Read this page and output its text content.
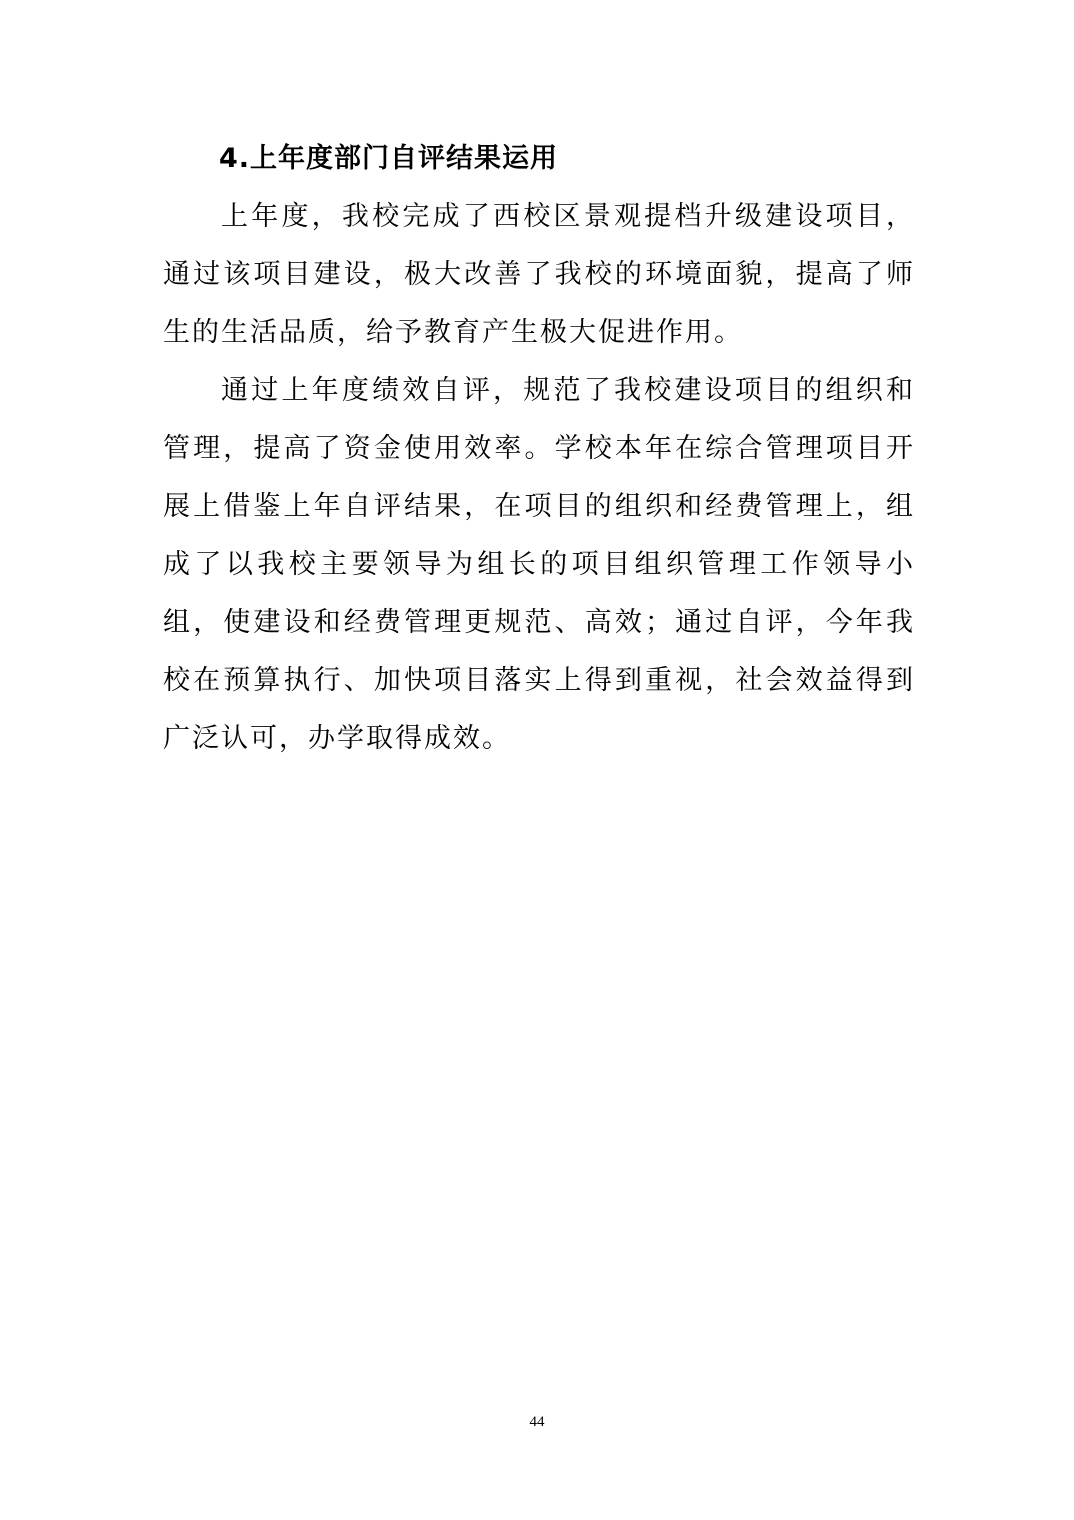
4.上年度部门自评结果运用

上年度，我校完成了西校区景观提档升级建设项目，通过该项目建设，极大改善了我校的环境面貌，提高了师生的生活品质，给予教育产生极大促进作用。

通过上年度绩效自评，规范了我校建设项目的组织和管理，提高了资金使用效率。学校本年在综合管理项目开展上借鉴上年自评结果，在项目的组织和经费管理上，组成了以我校主要领导为组长的项目组织管理工作领导小组，使建设和经费管理更规范、高效；通过自评，今年我校在预算执行、加快项目落实上得到重视，社会效益得到广泛认可，办学取得成效。

44
